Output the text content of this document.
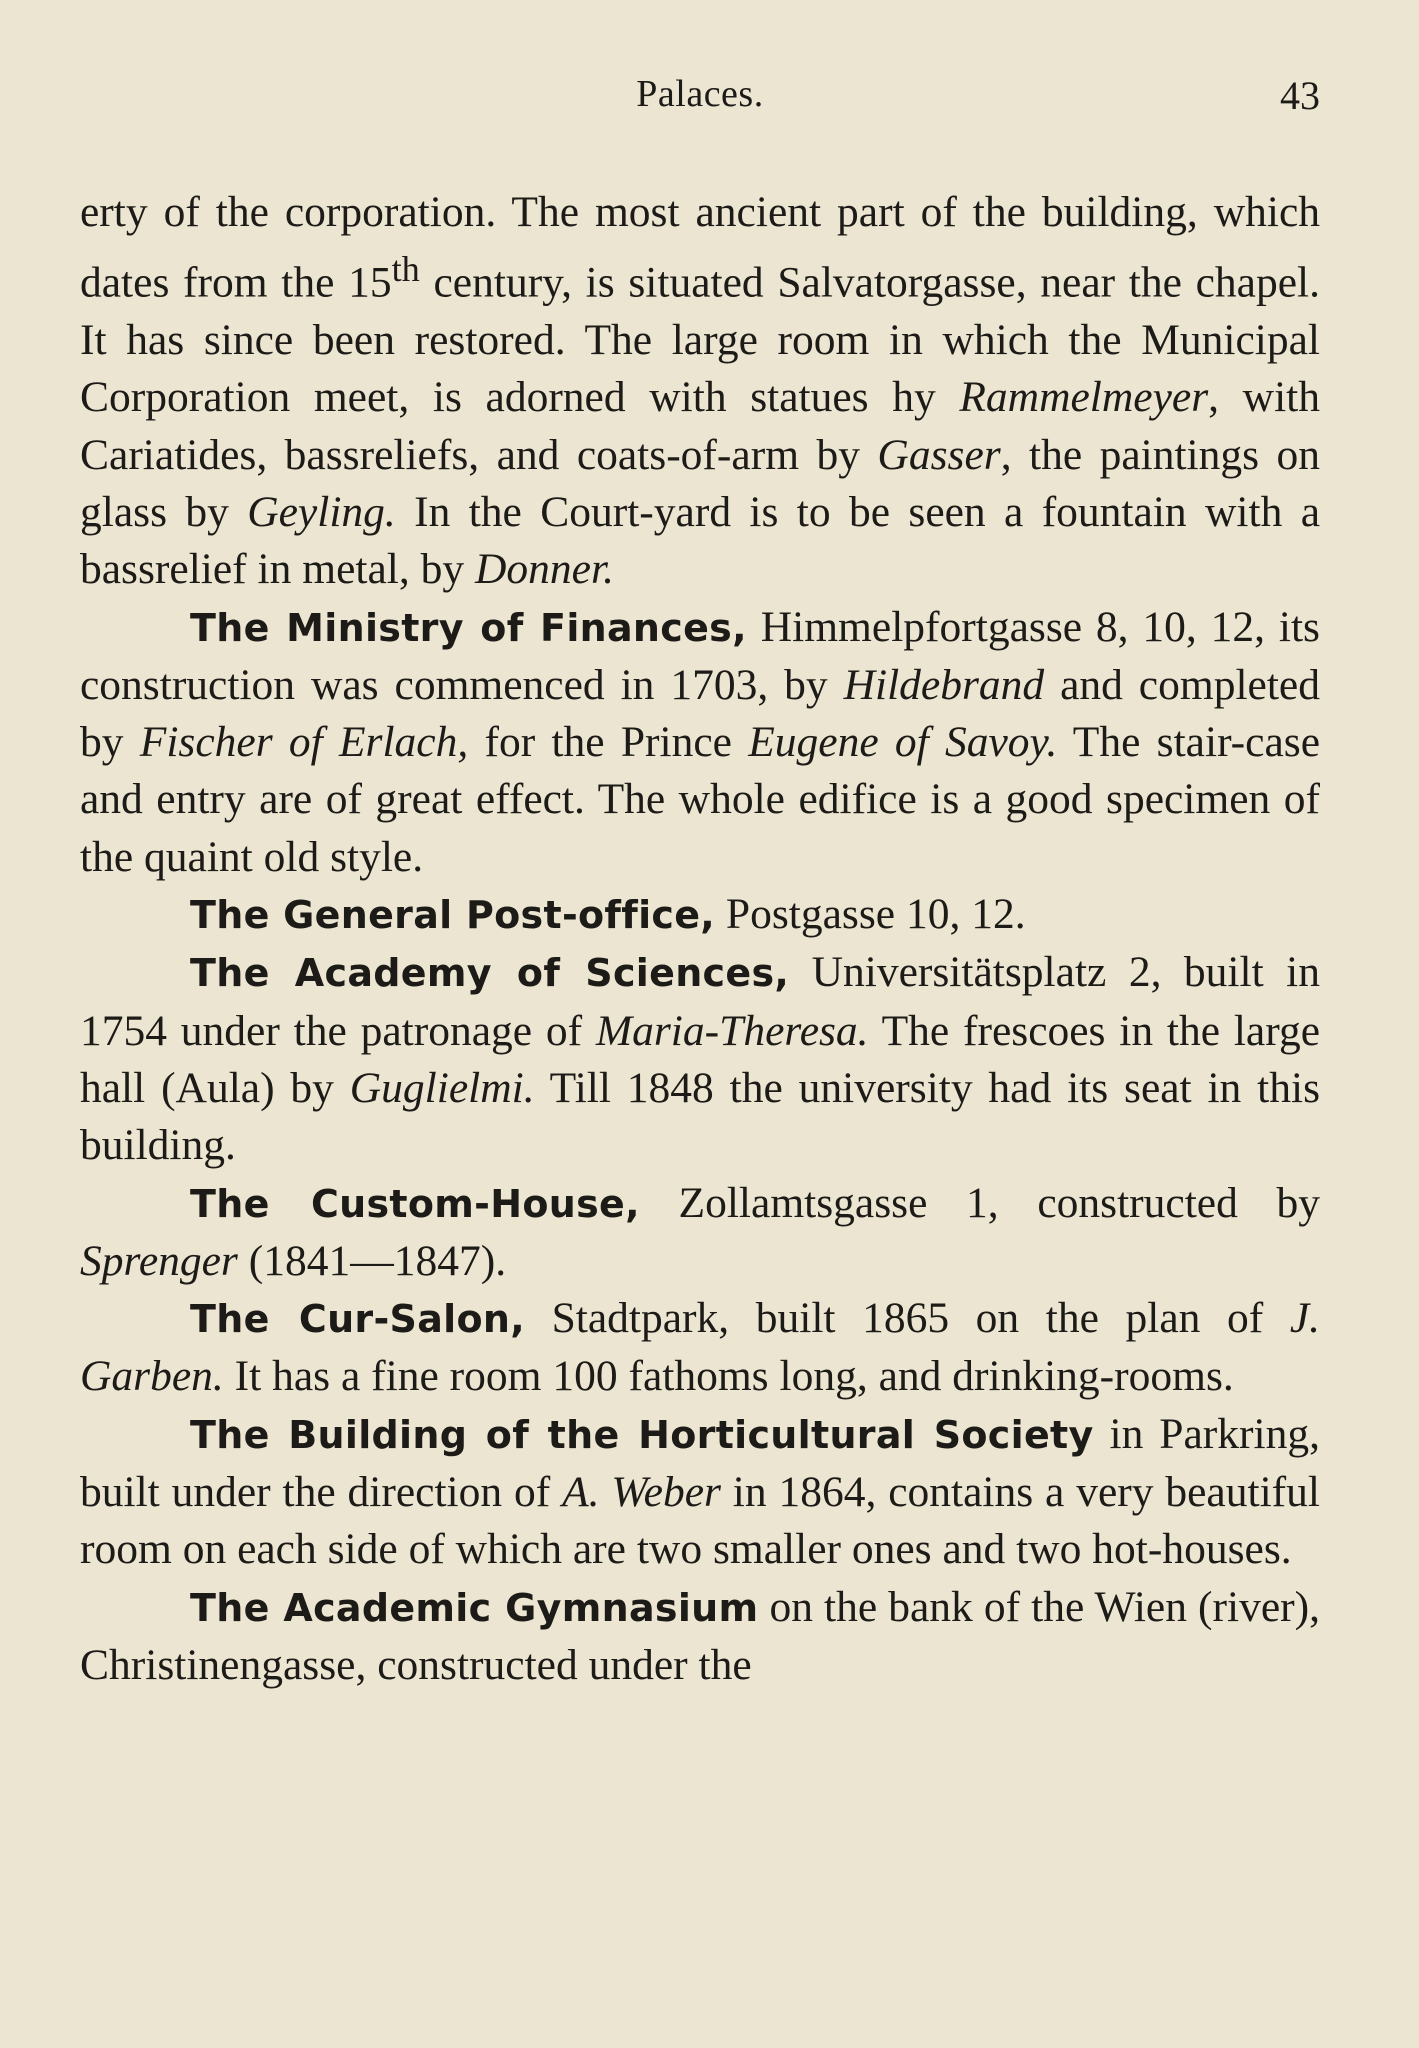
Palaces.	43

erty of the corporation. The most ancient part of the building, which dates from the 15th century, is situated Salvatorgasse, near the chapel. It has since been restored. The large room in which the Municipal Corporation meet, is adorned with statues hy Rammelmeyer, with Cariatides, bassreliefs, and coats-of-arm by Gasser, the paintings on glass by Geyling. In the Court-yard is to be seen a fountain with a bassrelief in metal, by Donner.

The Ministry of Finances, Himmelpfortgasse 8, 10, 12, its construction was commenced in 1703, by Hildebrand and completed by Fischer of Erlach, for the Prince Eugene of Savoy. The stair-case and entry are of great effect. The whole edifice is a good specimen of the quaint old style.

The General Post-office, Postgasse 10, 12.

The Academy of Sciences, Universitätsplatz 2, built in 1754 under the patronage of Maria-Theresa. The frescoes in the large hall (Aula) by Guglielmi. Till 1848 the university had its seat in this building.

The Custom-House, Zollamtsgasse 1, constructed by Sprenger (1841—1847).

The Cur-Salon, Stadtpark, built 1865 on the plan of J. Garben. It has a fine room 100 fathoms long, and drinking-rooms.

The Building of the Horticultural Society in Parkring, built under the direction of A. Weber in 1864, contains a very beautiful room on each side of which are two smaller ones and two hot-houses.

The Academic Gymnasium on the bank of the Wien (river), Christinengasse, constructed under the
